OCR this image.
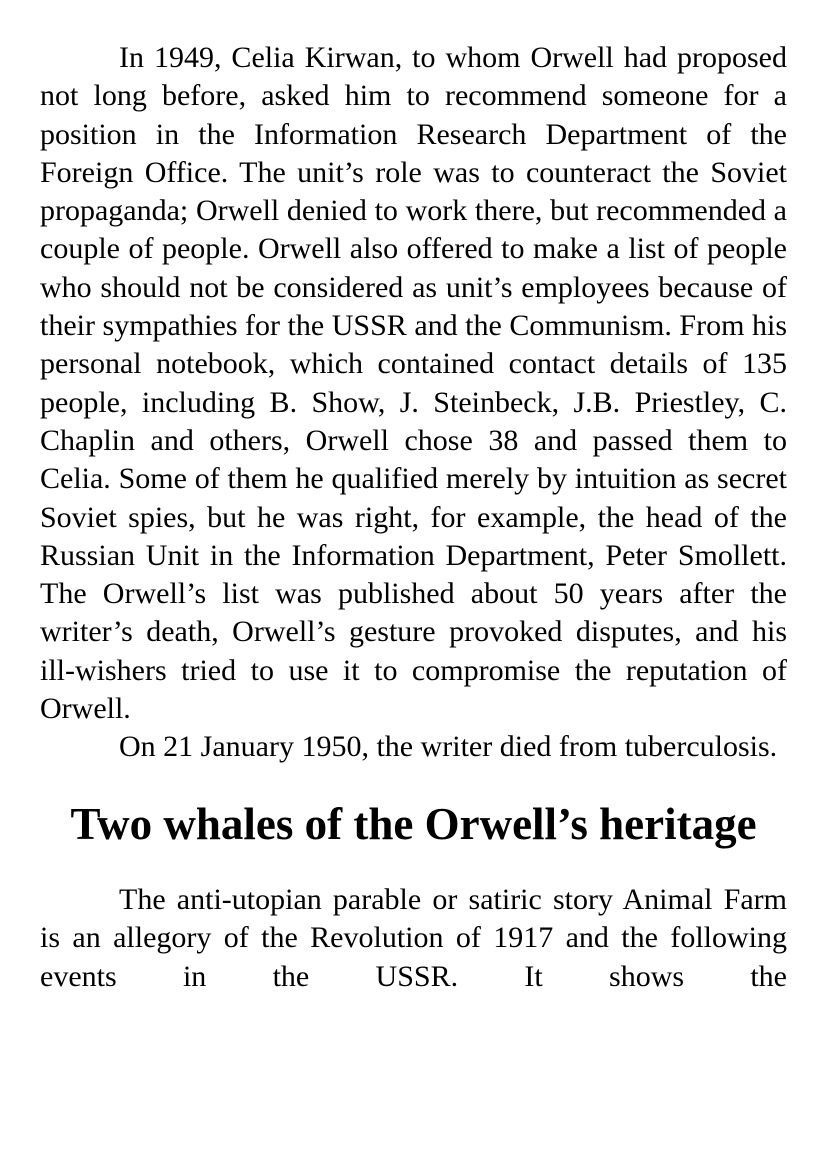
In 1949, Celia Kirwan, to whom Orwell had proposed not long before, asked him to recommend someone for a position in the Information Research Department of the Foreign Office. The unit’s role was to counteract the Soviet propaganda; Orwell denied to work there, but recommended a couple of people. Orwell also offered to make a list of people who should not be considered as unit’s employees because of their sympathies for the USSR and the Communism. From his personal notebook, which contained contact details of 135 people, including B. Show, J. Steinbeck, J.B. Priestley, C. Chaplin and others, Orwell chose 38 and passed them to Celia. Some of them he qualified merely by intuition as secret Soviet spies, but he was right, for example, the head of the Russian Unit in the Information Department, Peter Smollett. The Orwell’s list was published about 50 years after the writer’s death, Orwell’s gesture provoked disputes, and his ill-wishers tried to use it to compromise the reputation of Orwell.

On 21 January 1950, the writer died from tuberculosis.

Two whales of the Orwell’s heritage

The anti-utopian parable or satiric story Animal Farm is an allegory of the Revolution of 1917 and the following events in the USSR. It shows the
